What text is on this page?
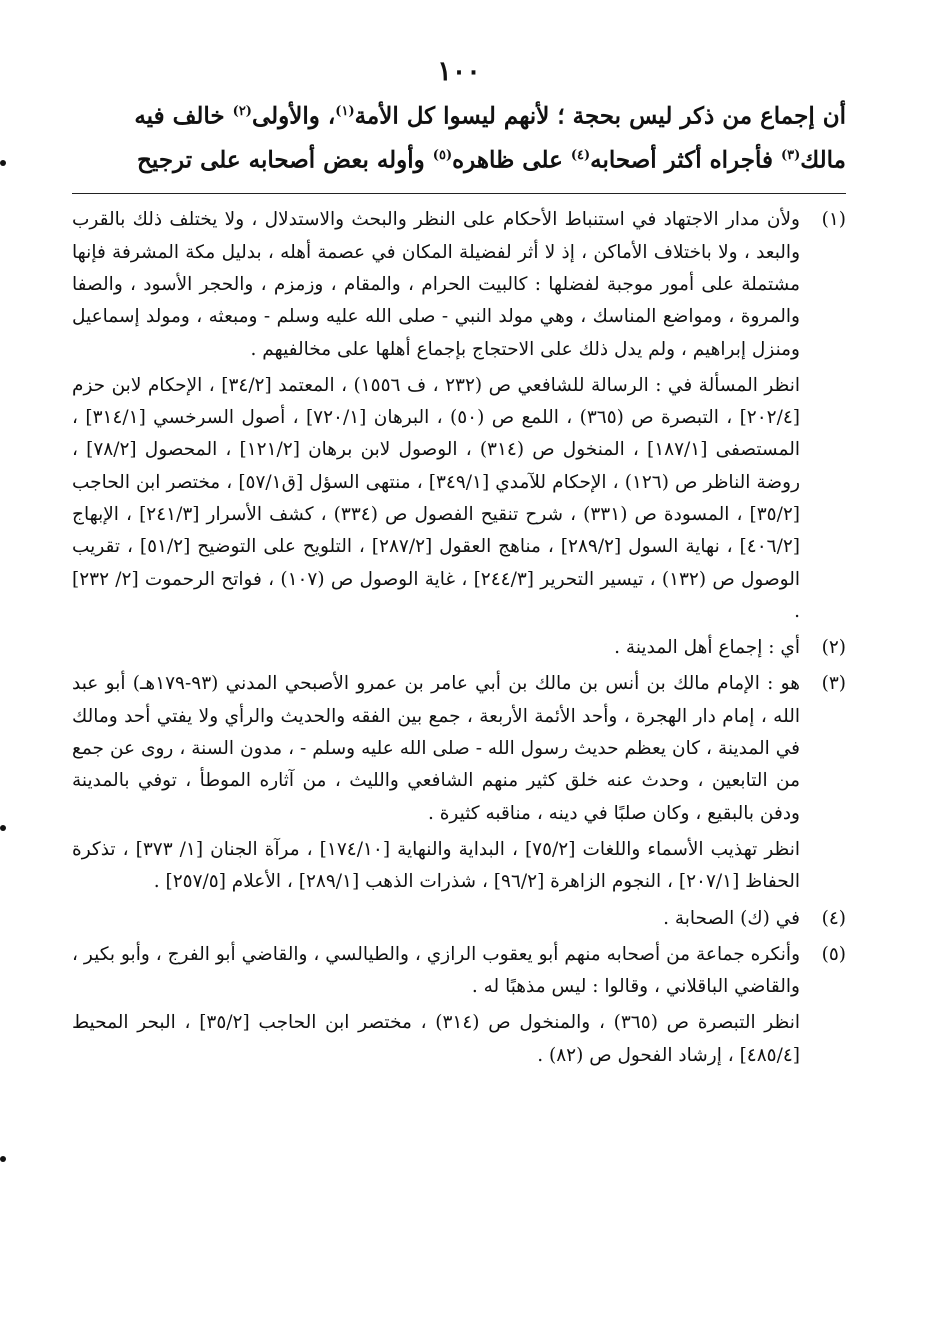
١٠٠

أن إجماع من ذكر ليس بحجة ؛ لأنهم ليسوا كل الأمة$^{(١)}$، والأولى$^{(٢)}$ خالف فيه

مالك$^{(٣)}$ فأجراه أكثر أصحابه$^{(٤)}$ على ظاهره$^{(٥)}$ وأوله بعض أصحابه على ترجيح

(١)

ولأن مدار الاجتهاد في استنباط الأحكام على النظر والبحث والاستدلال ، ولا يختلف ذلك بالقرب والبعد ، ولا باختلاف الأماكن ، إذ لا أثر لفضيلة المكان في عصمة أهله ، بدليل مكة المشرفة فإنها مشتملة على أمور موجبة لفضلها : كالبيت الحرام ، والمقام ، وزمزم ، والحجر الأسود ، والصفا والمروة ، ومواضع المناسك ، وهي مولد النبي - صلى الله عليه وسلم - ومبعثه ، ومولد إسماعيل ومنزل إبراهيم ، ولم يدل ذلك على الاحتجاج بإجماع أهلها على مخالفيهم .

انظر المسألة في : الرسالة للشافعي ص (٢٣٢ ، ف ١٥٥٦) ، المعتمد [٣٤/٢] ، الإحكام لابن حزم [٢٠٢/٤] ، التبصرة ص (٣٦٥) ، اللمع ص (٥٠) ، البرهان [٧٢٠/١] ، أصول السرخسي [٣١٤/١] ، المستصفى [١٨٧/١] ، المنخول ص (٣١٤) ، الوصول لابن برهان [١٢١/٢] ، المحصول [٧٨/٢] ، روضة الناظر ص (١٢٦) ، الإحكام للآمدي [٣٤٩/١] ، منتهى السؤل [ق٥٧/١] ، مختصر ابن الحاجب [٣٥/٢] ، المسودة ص (٣٣١) ، شرح تنقيح الفصول ص (٣٣٤) ، كشف الأسرار [٢٤١/٣] ، الإبهاج [٤٠٦/٢] ، نهاية السول [٢٨٩/٢] ، مناهج العقول [٢٨٧/٢] ، التلويح على التوضيح [٥١/٢] ، تقريب الوصول ص (١٣٢) ، تيسير التحرير [٢٤٤/٣] ، غاية الوصول ص (١٠٧) ، فواتح الرحموت [٢/ ٢٣٢] .

(٢)

أي : إجماع أهل المدينة .

(٣)

هو : الإمام مالك بن أنس بن مالك بن أبي عامر بن عمرو الأصبحي المدني (٩٣-١٧٩هـ) أبو عبد الله ، إمام دار الهجرة ، وأحد الأئمة الأربعة ، جمع بين الفقه والحديث والرأي ولا يفتي أحد ومالك في المدينة ، كان يعظم حديث رسول الله - صلى الله عليه وسلم - ، مدون السنة ، روى عن جمع من التابعين ، وحدث عنه خلق كثير منهم الشافعي والليث ، من آثاره الموطأ ، توفي بالمدينة ودفن بالبقيع ، وكان صلبًا في دينه ، مناقبه كثيرة .

انظر تهذيب الأسماء واللغات [٧٥/٢] ، البداية والنهاية [١٧٤/١٠] ، مرآة الجنان [١/ ٣٧٣] ، تذكرة الحفاظ [٢٠٧/١] ، النجوم الزاهرة [٩٦/٢] ، شذرات الذهب [٢٨٩/١] ، الأعلام [٢٥٧/٥] .

(٤)

في (ك) الصحابة .

(٥)

وأنكره جماعة من أصحابه منهم أبو يعقوب الرازي ، والطيالسي ، والقاضي أبو الفرج ، وأبو بكير ، والقاضي الباقلاني ، وقالوا : ليس مذهبًا له .

انظر التبصرة ص (٣٦٥) ، والمنخول ص (٣١٤) ، مختصر ابن الحاجب [٣٥/٢] ، البحر المحيط [٤٨٥/٤] ، إرشاد الفحول ص (٨٢) .
